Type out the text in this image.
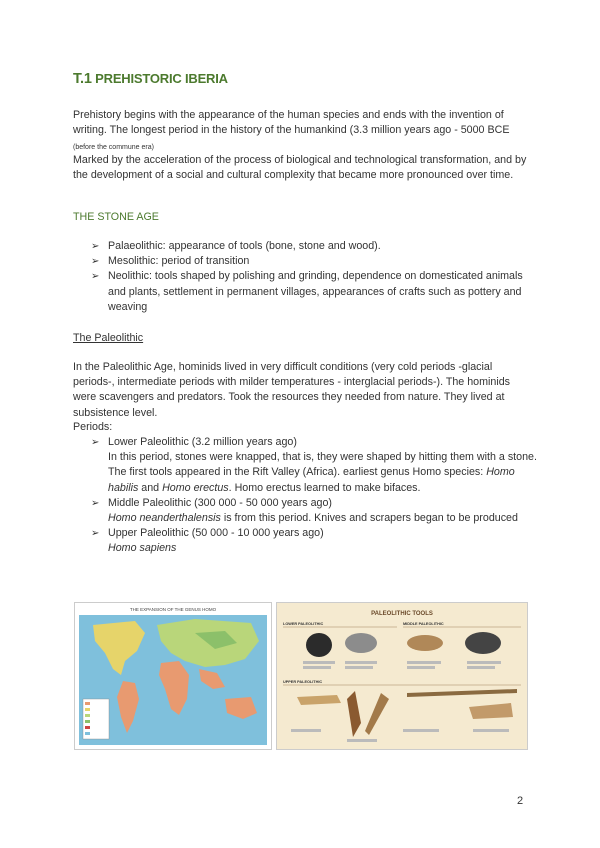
T.1 PREHISTORIC IBERIA
Prehistory begins with the appearance of the human species and ends with the invention of writing. The longest period in the history of the humankind (3.3 million years ago - 5000 BCE (before the commune era)
Marked by the acceleration of the process of biological and technological transformation, and by the development of a social and cultural complexity that became more pronounced over time.
THE STONE AGE
➢ Palaeolithic: appearance of tools (bone, stone and wood).
➢ Mesolithic: period of transition
➢ Neolithic: tools shaped by polishing and grinding, dependence on domesticated animals and plants, settlement in permanent villages, appearances of crafts such as pottery and weaving
The Paleolithic
In the Paleolithic Age, hominids lived in very difficult conditions (very cold periods -glacial periods-, intermediate periods with milder temperatures - interglacial periods-). The hominids were scavengers and predators. Took the resources they needed from nature. They lived at subsistence level.
Periods:
➢ Lower Paleolithic (3.2 million years ago)
In this period, stones were knapped, that is, they were shaped by hitting them with a stone. The first tools appeared in the Rift Valley (Africa). earliest genus Homo species: Homo habilis and Homo erectus. Homo erectus learned to make bifaces.
➢ Middle Paleolithic (300 000 - 50 000 years ago)
Homo neanderthalensis is from this period. Knives and scrapers began to be produced
➢ Upper Paleolithic (50 000 - 10 000 years ago)
Homo sapiens
THE EXPANSION OF THE GENUS HOMO
PALEOLITHIC TOOLS
LOWER PALEOLITHIC	MIDDLE PALEOLITHIC
UPPER PALEOLITHIC
2
